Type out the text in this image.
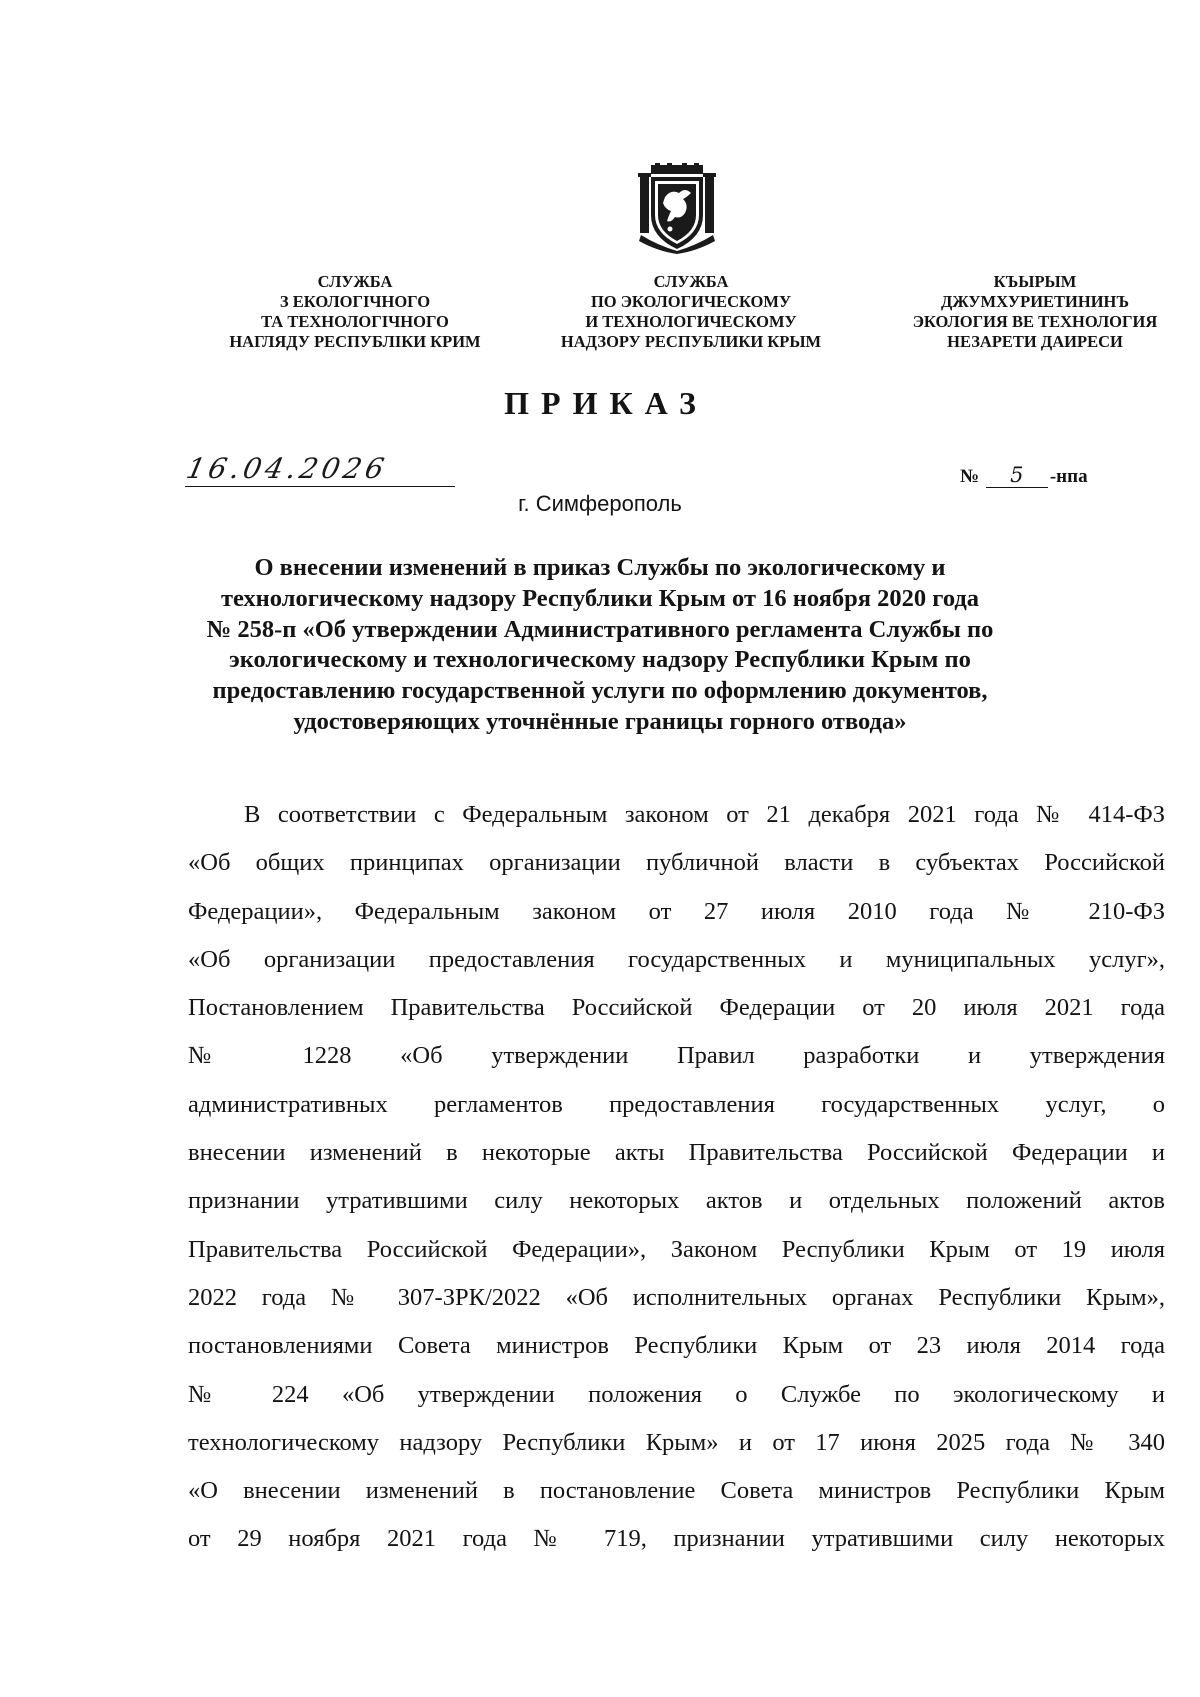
СЛУЖБА
З ЕКОЛОГІЧНОГО
ТА ТЕХНОЛОГІЧНОГО
НАГЛЯДУ РЕСПУБЛІКИ КРИМ
СЛУЖБА
ПО ЭКОЛОГИЧЕСКОМУ
И ТЕХНОЛОГИЧЕСКОМУ
НАДЗОРУ РЕСПУБЛИКИ КРЫМ
КЪЫРЫМ
ДЖУМХУРИЕТИНИНЪ
ЭКОЛОГИЯ ВЕ ТЕХНОЛОГИЯ
НЕЗАРЕТИ ДАИРЕСИ
ПРИКАЗ
16.04.2026	№ 5 -нпа
г. Симферополь
О внесении изменений в приказ Службы по экологическому и
технологическому надзору Республики Крым от 16 ноября 2020 года
№ 258-п «Об утверждении Административного регламента Службы по
экологическому и технологическому надзору Республики Крым по
предоставлению государственной услуги по оформлению документов,
удостоверяющих уточнённые границы горного отвода»
В соответствии с Федеральным законом от 21 декабря 2021 года № 414-ФЗ
«Об общих принципах организации публичной власти в субъектах Российской
Федерации», Федеральным законом от 27 июля 2010 года № 210-ФЗ
«Об организации предоставления государственных и муниципальных услуг»,
Постановлением Правительства Российской Федерации от 20 июля 2021 года
№ 1228 «Об утверждении Правил разработки и утверждения
административных регламентов предоставления государственных услуг, о
внесении изменений в некоторые акты Правительства Российской Федерации и
признании утратившими силу некоторых актов и отдельных положений актов
Правительства Российской Федерации», Законом Республики Крым от 19 июля
2022 года № 307-ЗРК/2022 «Об исполнительных органах Республики Крым»,
постановлениями Совета министров Республики Крым от 23 июля 2014 года
№ 224 «Об утверждении положения о Службе по экологическому и
технологическому надзору Республики Крым» и от 17 июня 2025 года № 340
«О внесении изменений в постановление Совета министров Республики Крым
от 29 ноября 2021 года № 719, признании утратившими силу некоторых
